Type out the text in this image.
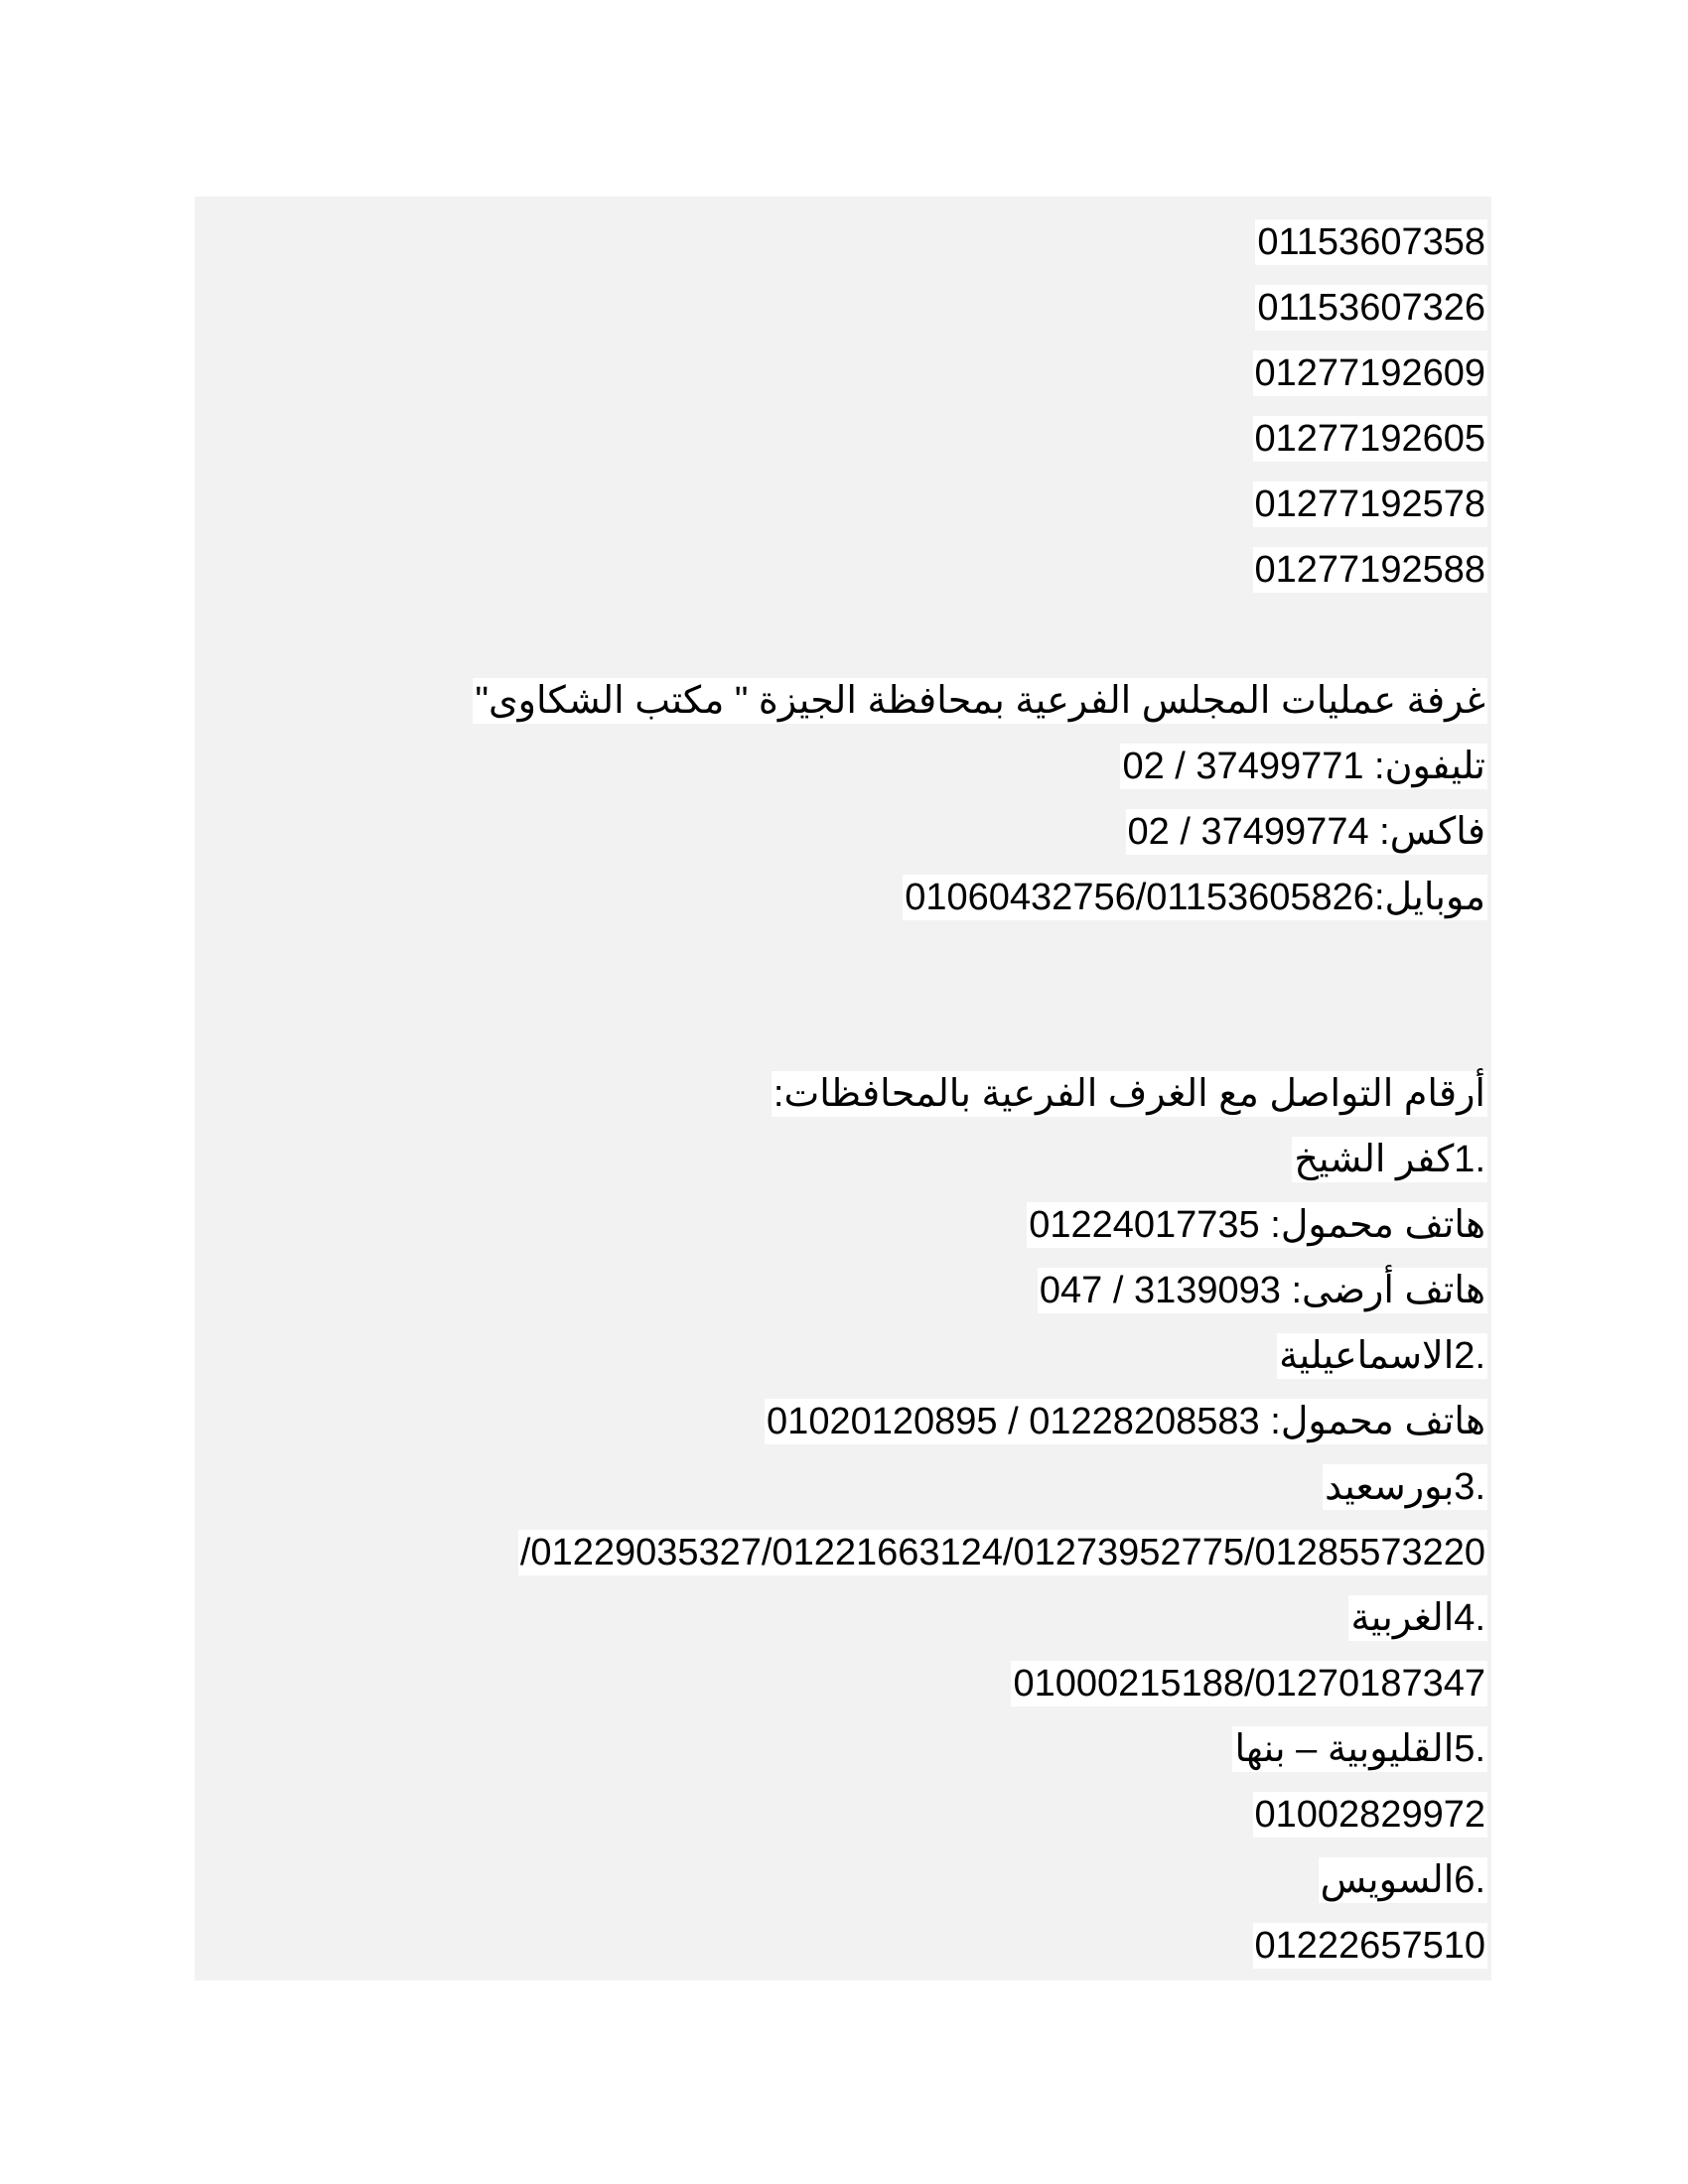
01153607358
01153607326
01277192609
01277192605
01277192578
01277192588
غرفة عمليات المجلس الفرعية بمحافظة الجيزة " مكتب الشكاوى"
تليفون: 37499771 / 02
فاكس: 37499774 / 02
موبايل:01060432756/01153605826
أرقام التواصل مع الغرف الفرعية بالمحافظات:
.1كفر الشيخ
هاتف محمول: 01224017735
هاتف أرضى: 3139093 / 047
.2الاسماعيلية
هاتف محمول: 01228208583 / 01020120895
.3بورسعيد
/01229035327/01221663124/01273952775/01285573220
.4الغربية
01000215188/01270187347
.5القليوبية – بنها
01002829972
.6السويس
01222657510
